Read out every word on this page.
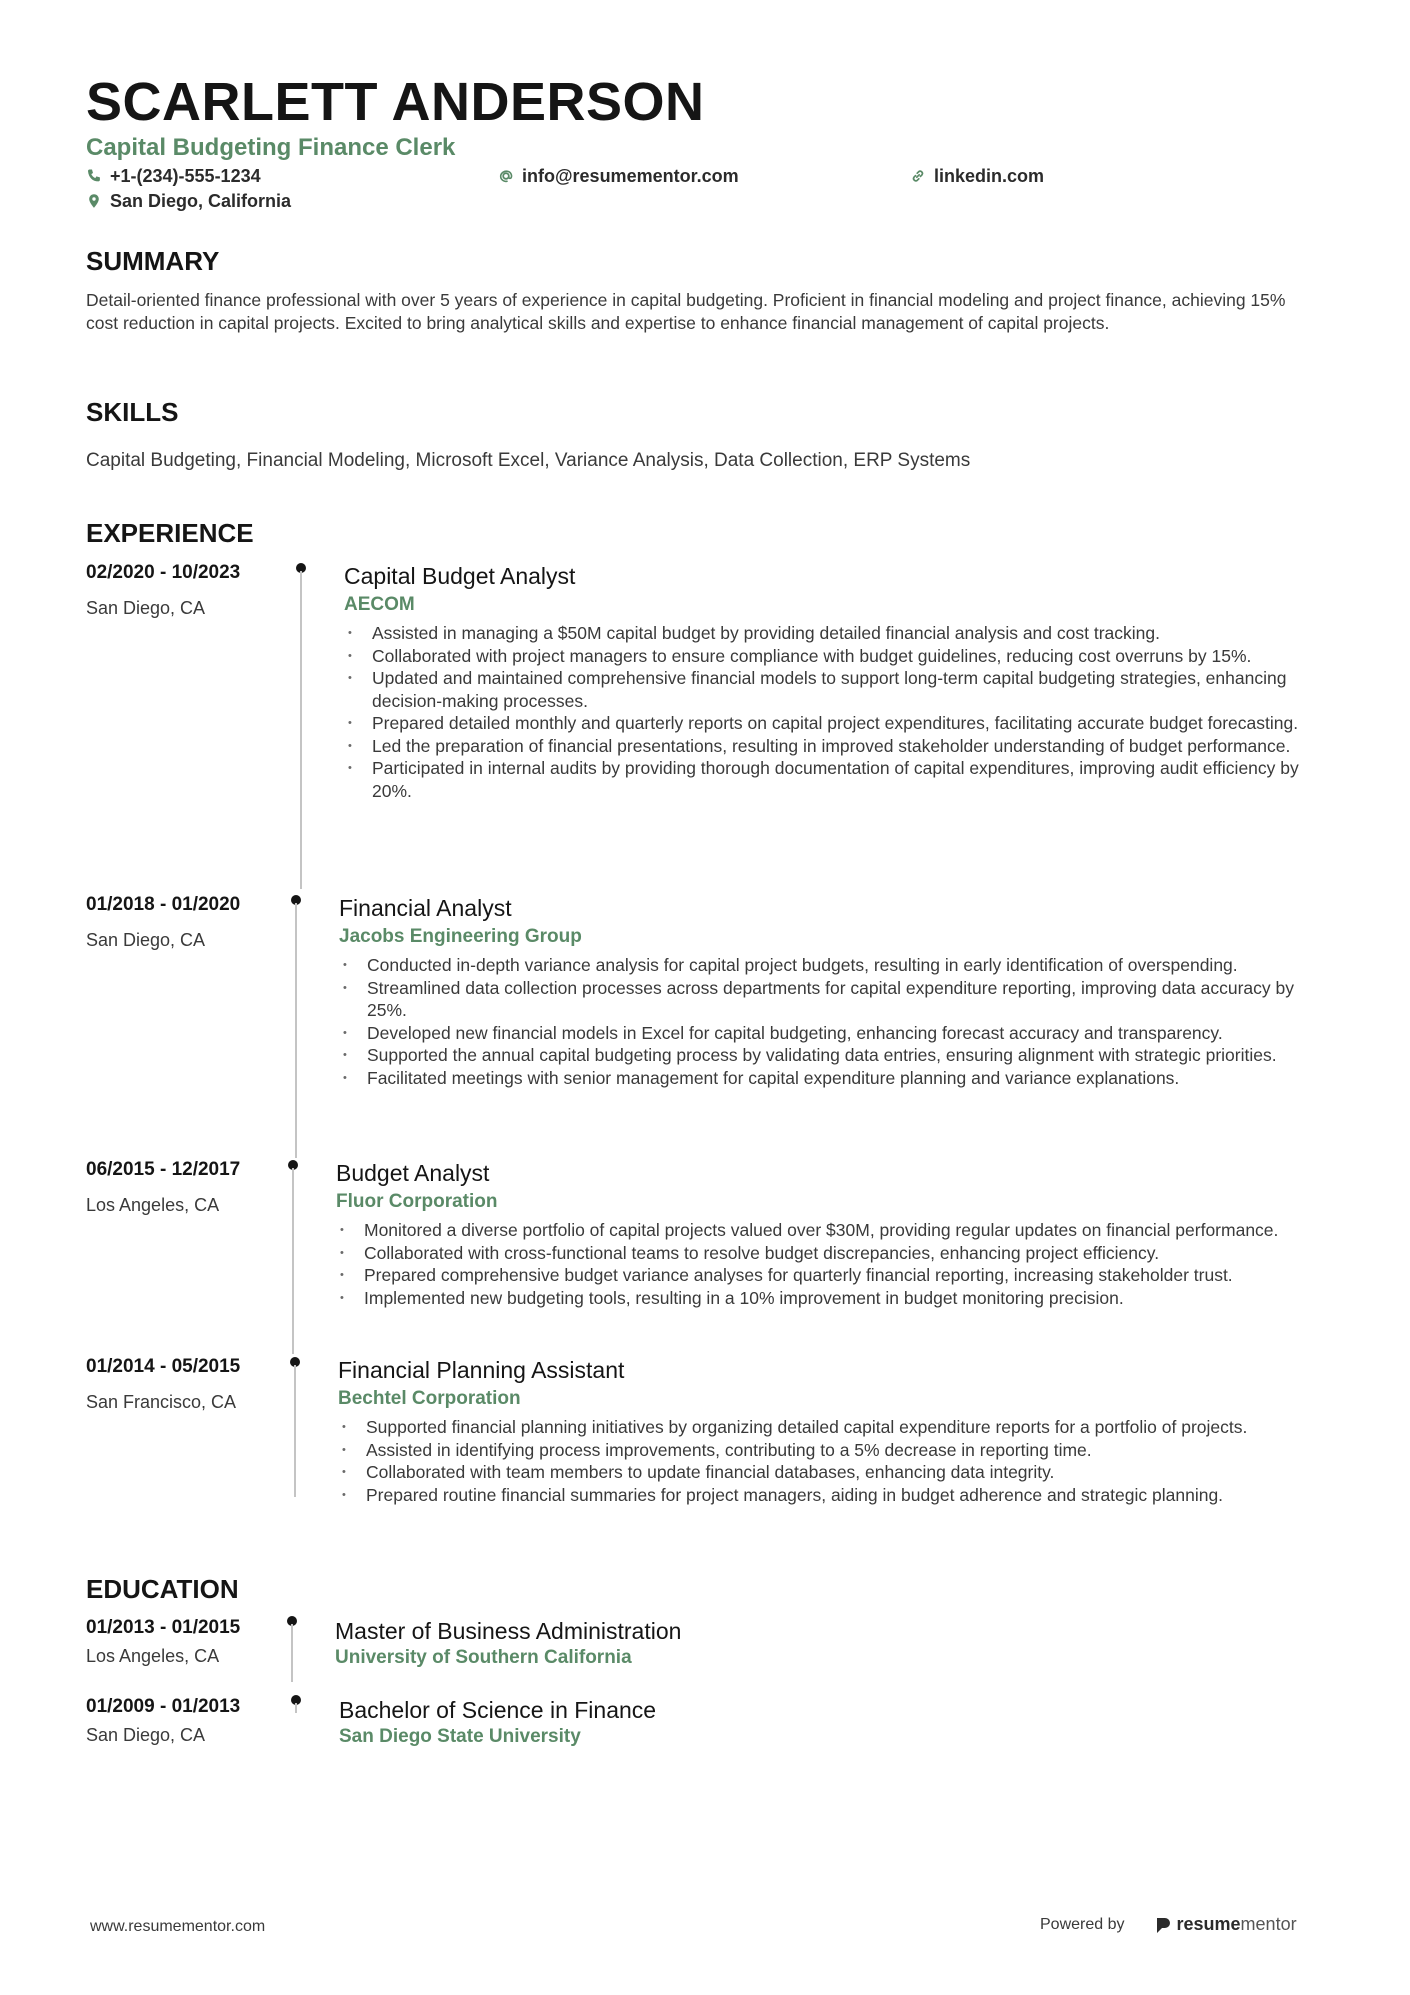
SCARLETT ANDERSON
Capital Budgeting Finance Clerk
+1-(234)-555-1234	info@resumementor.com	linkedin.com
San Diego, California
SUMMARY
Detail-oriented finance professional with over 5 years of experience in capital budgeting. Proficient in financial modeling and project finance, achieving 15% cost reduction in capital projects. Excited to bring analytical skills and expertise to enhance financial management of capital projects.
SKILLS
Capital Budgeting, Financial Modeling, Microsoft Excel, Variance Analysis, Data Collection, ERP Systems
EXPERIENCE
02/2020 - 10/2023
San Diego, CA
Capital Budget Analyst
AECOM
• Assisted in managing a $50M capital budget by providing detailed financial analysis and cost tracking.
• Collaborated with project managers to ensure compliance with budget guidelines, reducing cost overruns by 15%.
• Updated and maintained comprehensive financial models to support long-term capital budgeting strategies, enhancing decision-making processes.
• Prepared detailed monthly and quarterly reports on capital project expenditures, facilitating accurate budget forecasting.
• Led the preparation of financial presentations, resulting in improved stakeholder understanding of budget performance.
• Participated in internal audits by providing thorough documentation of capital expenditures, improving audit efficiency by 20%.
01/2018 - 01/2020
San Diego, CA
Financial Analyst
Jacobs Engineering Group
• Conducted in-depth variance analysis for capital project budgets, resulting in early identification of overspending.
• Streamlined data collection processes across departments for capital expenditure reporting, improving data accuracy by 25%.
• Developed new financial models in Excel for capital budgeting, enhancing forecast accuracy and transparency.
• Supported the annual capital budgeting process by validating data entries, ensuring alignment with strategic priorities.
• Facilitated meetings with senior management for capital expenditure planning and variance explanations.
06/2015 - 12/2017
Los Angeles, CA
Budget Analyst
Fluor Corporation
• Monitored a diverse portfolio of capital projects valued over $30M, providing regular updates on financial performance.
• Collaborated with cross-functional teams to resolve budget discrepancies, enhancing project efficiency.
• Prepared comprehensive budget variance analyses for quarterly financial reporting, increasing stakeholder trust.
• Implemented new budgeting tools, resulting in a 10% improvement in budget monitoring precision.
01/2014 - 05/2015
San Francisco, CA
Financial Planning Assistant
Bechtel Corporation
• Supported financial planning initiatives by organizing detailed capital expenditure reports for a portfolio of projects.
• Assisted in identifying process improvements, contributing to a 5% decrease in reporting time.
• Collaborated with team members to update financial databases, enhancing data integrity.
• Prepared routine financial summaries for project managers, aiding in budget adherence and strategic planning.
EDUCATION
01/2013 - 01/2015
Los Angeles, CA
Master of Business Administration
University of Southern California
01/2009 - 01/2013
San Diego, CA
Bachelor of Science in Finance
San Diego State University
www.resumementor.com	Powered by	resume mentor
